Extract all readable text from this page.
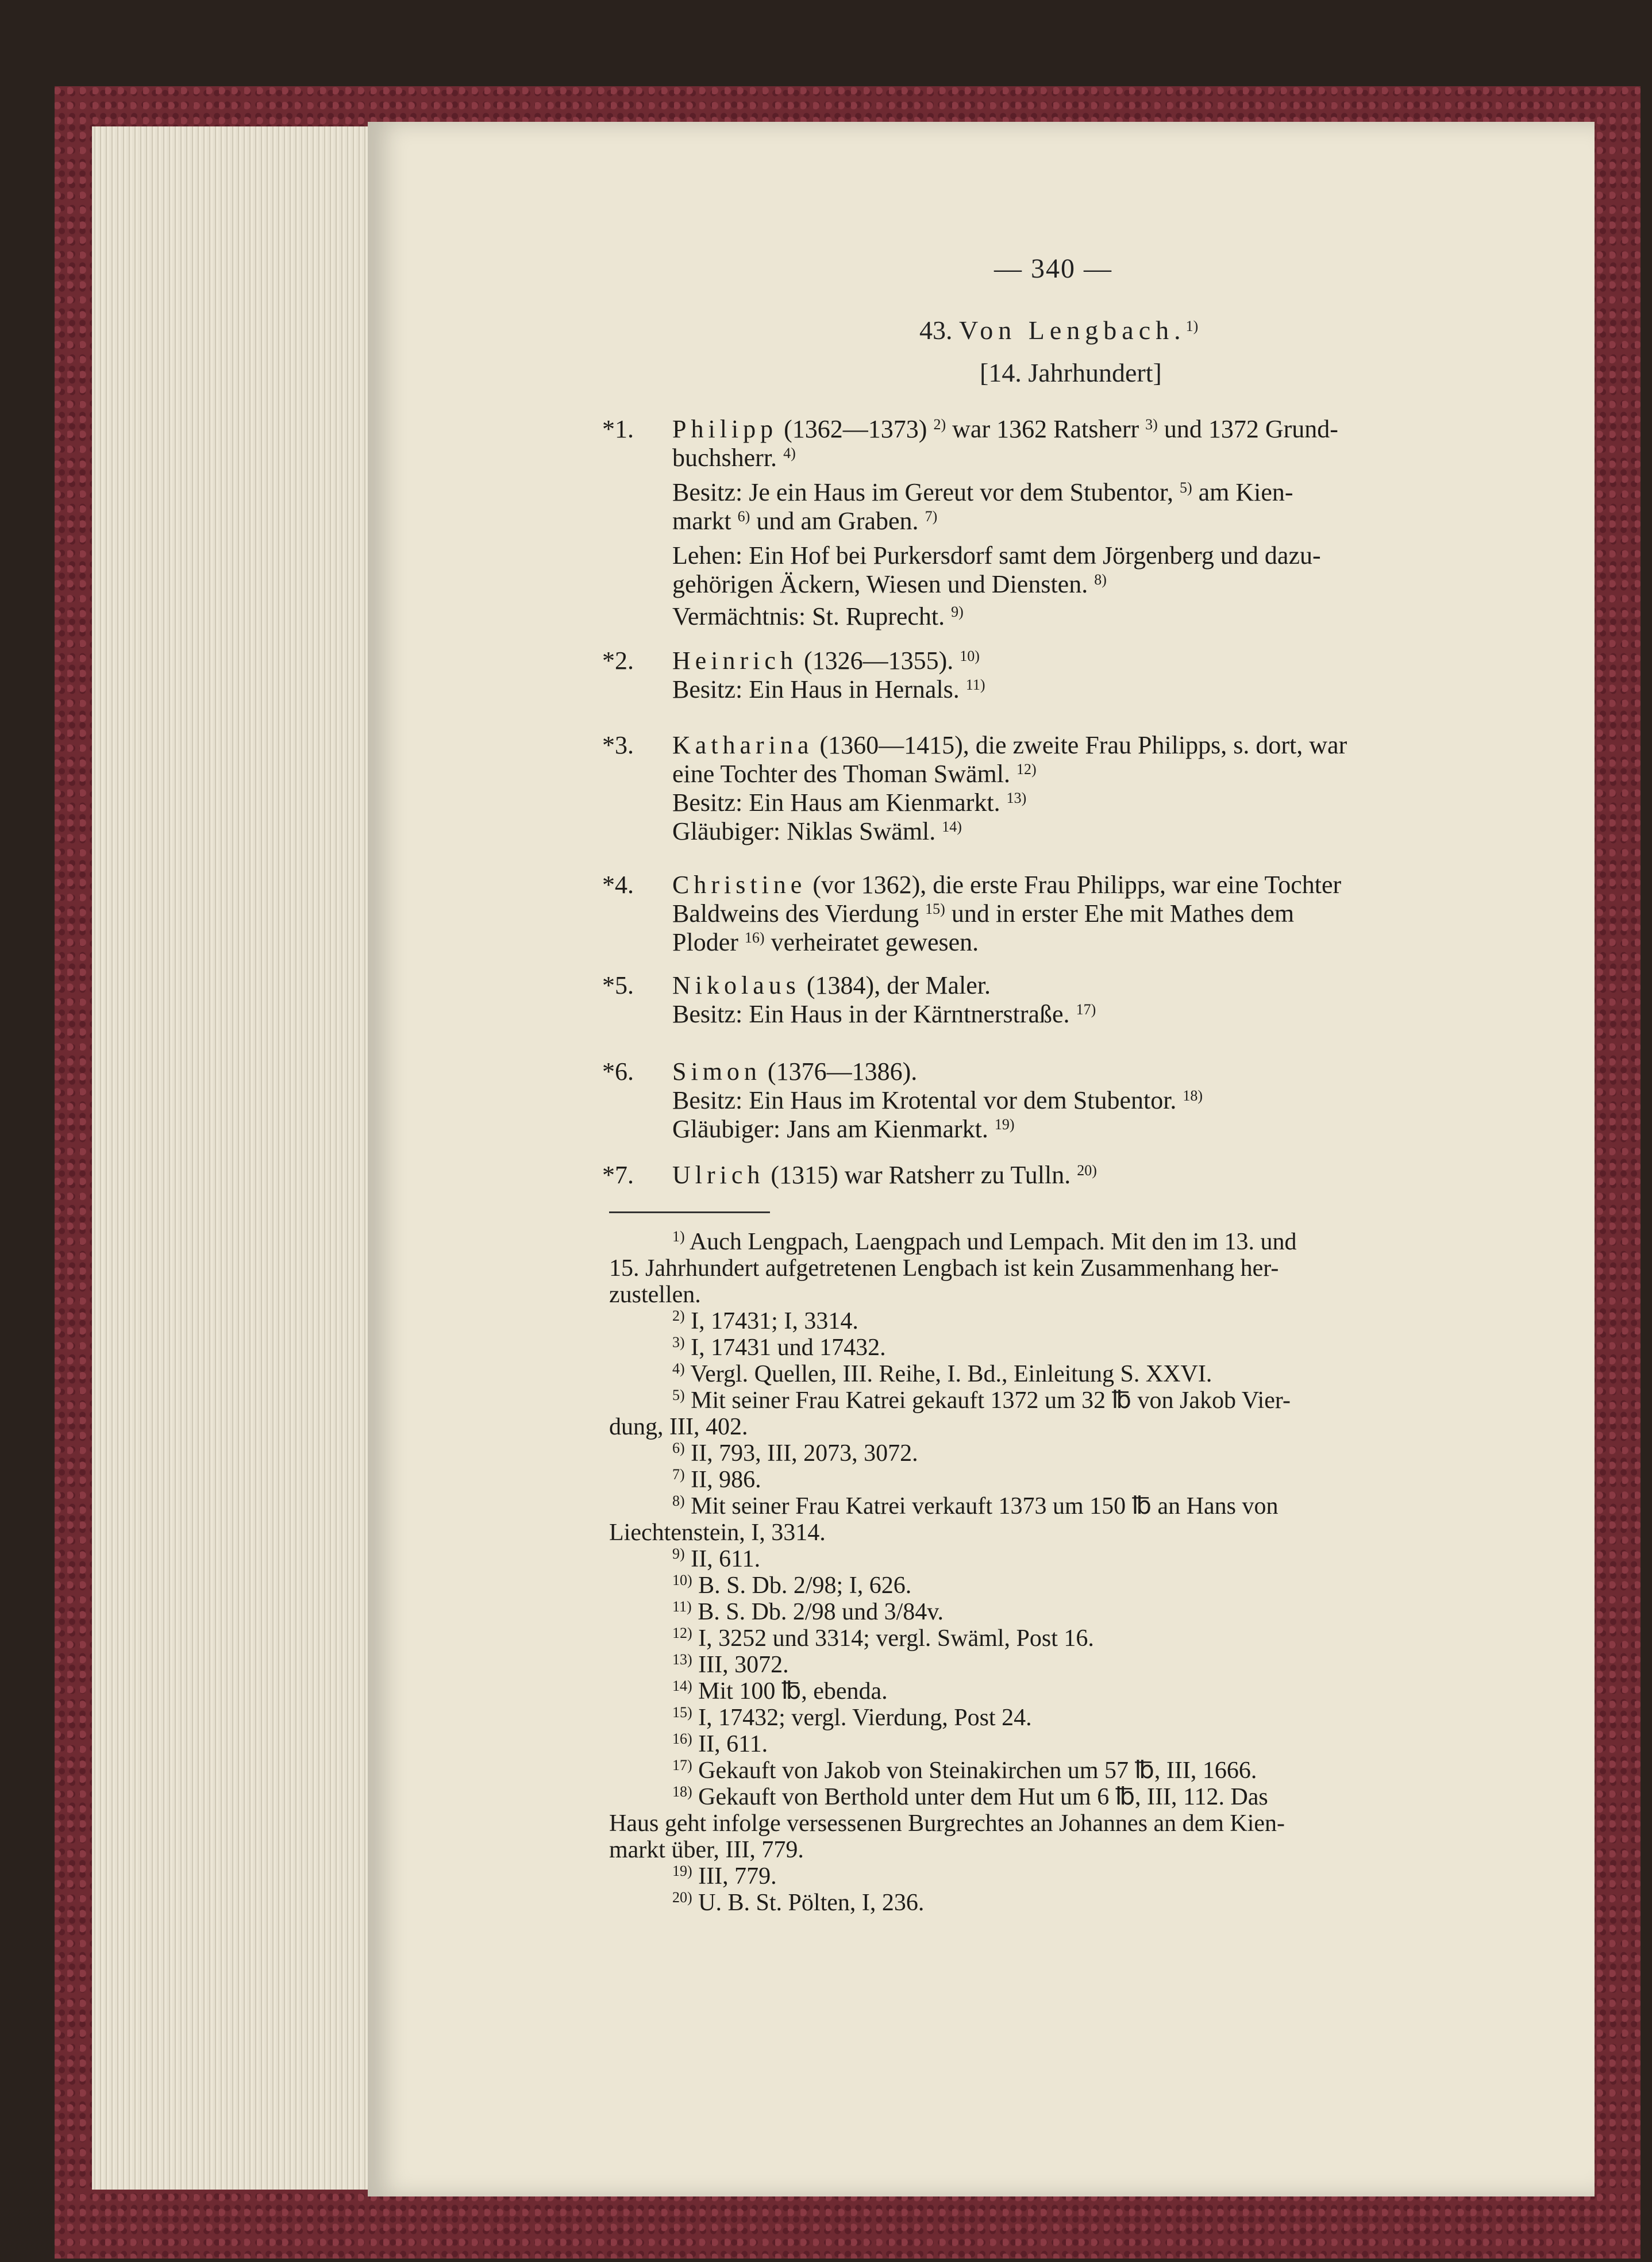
— 340 —
43. Von Lengbach.$^{1)}$
[14. Jahrhundert]
*1. Philipp (1362—1373) $^{2)}$ war 1362 Ratsherr $^{3)}$ und 1372 Grund-
buchsherr. $^{4)}$
Besitz: Je ein Haus im Gereut vor dem Stubentor, $^{5)}$ am Kien-
markt $^{6)}$ und am Graben. $^{7)}$
Lehen: Ein Hof bei Purkersdorf samt dem Jörgenberg und dazu-
gehörigen Äckern, Wiesen und Diensten. $^{8)}$
Vermächtnis: St. Ruprecht. $^{9)}$
*2. Heinrich (1326—1355). $^{10)}$
Besitz: Ein Haus in Hernals. $^{11)}$
*3. Katharina (1360—1415), die zweite Frau Philipps, s. dort, war
eine Tochter des Thoman Swäml. $^{12)}$
Besitz: Ein Haus am Kienmarkt. $^{13)}$
Gläubiger: Niklas Swäml. $^{14)}$
*4. Christine (vor 1362), die erste Frau Philipps, war eine Tochter
Baldweins des Vierdung $^{15)}$ und in erster Ehe mit Mathes dem
Ploder $^{16)}$ verheiratet gewesen.
*5. Nikolaus (1384), der Maler.
Besitz: Ein Haus in der Kärntnerstraße. $^{17)}$
*6. Simon (1376—1386).
Besitz: Ein Haus im Krotental vor dem Stubentor. $^{18)}$
Gläubiger: Jans am Kienmarkt. $^{19)}$
*7. Ulrich (1315) war Ratsherr zu Tulln. $^{20)}$
$^{1)}$ Auch Lengpach, Laengpach und Lempach. Mit den im 13. und
15. Jahrhundert aufgetretenen Lengbach ist kein Zusammenhang her-
zustellen.
$^{2)}$ I, 17431; I, 3314.
$^{3)}$ I, 17431 und 17432.
$^{4)}$ Vergl. Quellen, III. Reihe, I. Bd., Einleitung S. XXVI.
$^{5)}$ Mit seiner Frau Katrei gekauft 1372 um 32 ℔ von Jakob Vier-
dung, III, 402.
$^{6)}$ II, 793, III, 2073, 3072.
$^{7)}$ II, 986.
$^{8)}$ Mit seiner Frau Katrei verkauft 1373 um 150 ℔ an Hans von
Liechtenstein, I, 3314.
$^{9)}$ II, 611.
$^{10)}$ B. S. Db. 2/98; I, 626.
$^{11)}$ B. S. Db. 2/98 und 3/84v.
$^{12)}$ I, 3252 und 3314; vergl. Swäml, Post 16.
$^{13)}$ III, 3072.
$^{14)}$ Mit 100 ℔, ebenda.
$^{15)}$ I, 17432; vergl. Vierdung, Post 24.
$^{16)}$ II, 611.
$^{17)}$ Gekauft von Jakob von Steinakirchen um 57 ℔, III, 1666.
$^{18)}$ Gekauft von Berthold unter dem Hut um 6 ℔, III, 112. Das
Haus geht infolge versessenen Burgrechtes an Johannes an dem Kien-
markt über, III, 779.
$^{19)}$ III, 779.
$^{20)}$ U. B. St. Pölten, I, 236.
